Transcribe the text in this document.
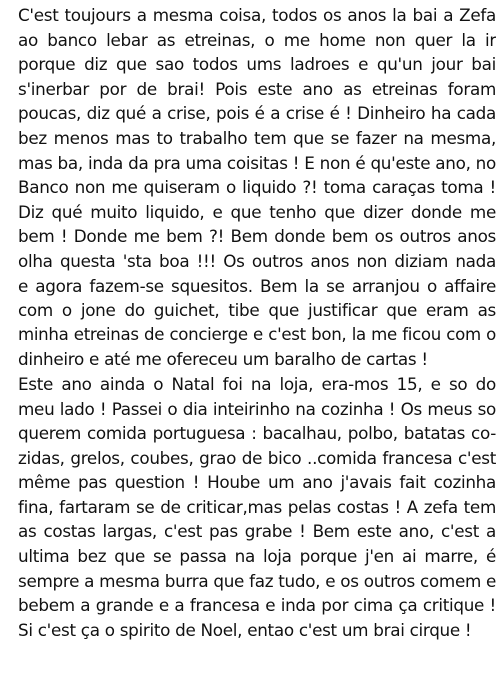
C'est toujours a mesma coisa, todos os anos la bai a Zefa
ao banco lebar as etreinas, o me home non quer la ir
porque diz que sao todos ums ladroes e qu'un jour bai
s'inerbar por de brai! Pois este ano as etreinas foram
poucas, diz qué a crise, pois é a crise é ! Dinheiro ha cada
bez menos mas to trabalho tem que se fazer na mesma,
mas ba, inda da pra uma coisitas ! E non é qu'este ano, no
Banco non me quiseram o liquido ?! toma caraças toma !
Diz qué muito liquido, e que tenho que dizer donde me
bem ! Donde me bem ?! Bem donde bem os outros anos
olha questa 'sta boa !!! Os outros anos non diziam nada
e agora fazem-se squesitos. Bem la se arranjou o affaire
com o jone do guichet, tibe que justificar que eram as
minha etreinas de concierge e c'est bon, la me ficou com o
dinheiro e até me ofereceu um baralho de cartas !
Este ano ainda o Natal foi na loja, era-mos 15, e so do
meu lado ! Passei o dia inteirinho na cozinha ! Os meus so
querem comida portuguesa : bacalhau, polbo, batatas co-
zidas, grelos, coubes, grao de bico ..comida francesa c'est
même pas question ! Hoube um ano j'avais fait cozinha
fina, fartaram se de criticar,mas pelas costas ! A zefa tem
as costas largas, c'est pas grabe ! Bem este ano, c'est a
ultima bez que se passa na loja porque j'en ai marre, é
sempre a mesma burra que faz tudo, e os outros comem e
bebem a grande e a francesa e inda por cima ça critique !
Si c'est ça o spirito de Noel, entao c'est um brai cirque !
